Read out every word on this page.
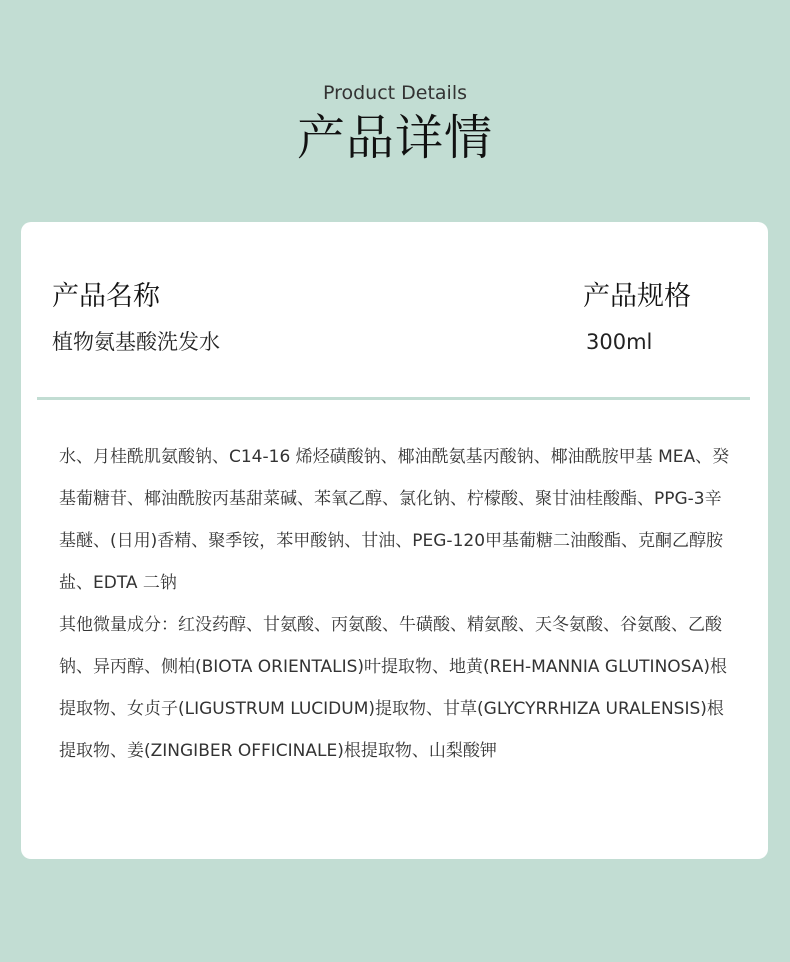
Product Details
产品详情
产品名称
植物氨基酸洗发水
产品规格
300ml

水、月桂酰肌氨酸钠、C14-16 烯烃磺酸钠、椰油酰氨基丙酸钠、椰油酰胺甲基 MEA、癸基葡糖苷、椰油酰胺丙基甜菜碱、苯氧乙醇、氯化钠、柠檬酸、聚甘油桂酸酯、PPG-3辛基醚、(日用)香精、聚季铵，苯甲酸钠、甘油、PEG-120甲基葡糖二油酸酯、克酮乙醇胺盐、EDTA 二钠

其他微量成分：红没药醇、甘氨酸、丙氨酸、牛磺酸、精氨酸、天冬氨酸、谷氨酸、乙酸钠、异丙醇、侧柏(BIOTA ORIENTALIS)叶提取物、地黄(REH-MANNIA GLUTINOSA)根提取物、女贞子(LIGUSTRUM LUCIDUM)提取物、甘草(GLYCYRRHIZA URALENSIS)根提取物、姜(ZINGIBER OFFICINALE)根提取物、山梨酸钾
